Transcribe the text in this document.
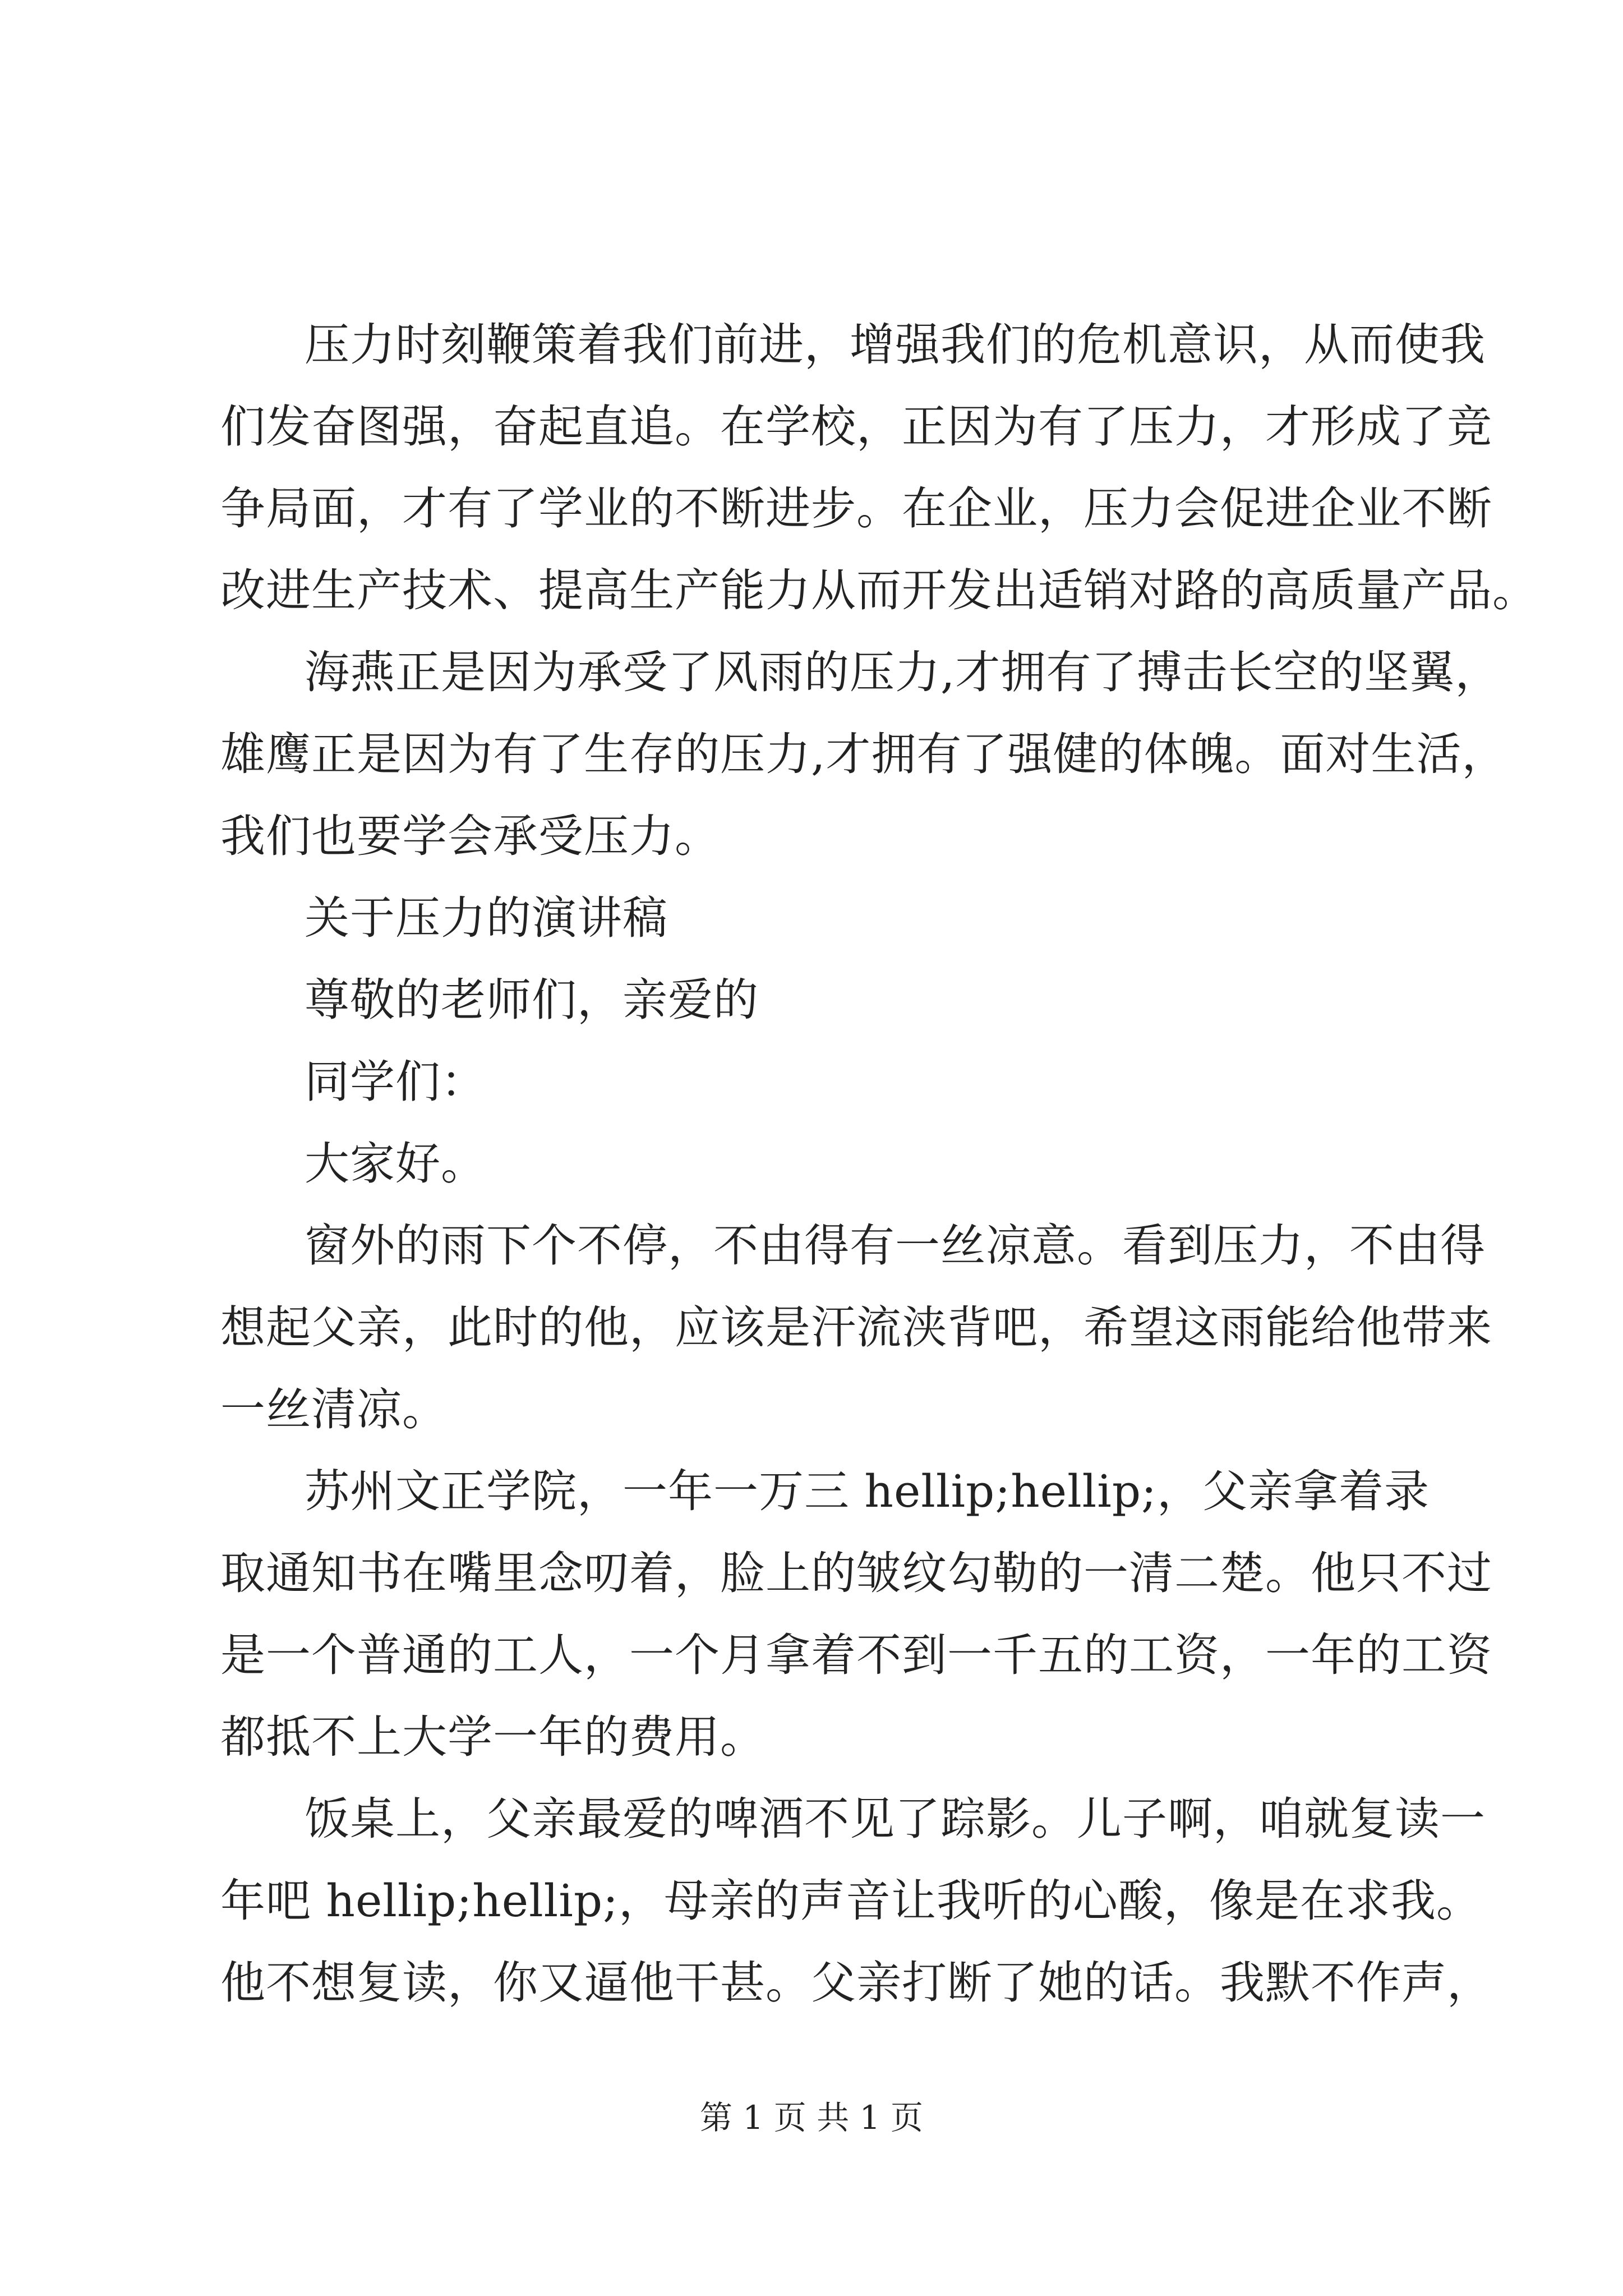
压力时刻鞭策着我们前进，增强我们的危机意识，从而使我
们发奋图强，奋起直追。在学校，正因为有了压力，才形成了竞
争局面，才有了学业的不断进步。在企业，压力会促进企业不断
改进生产技术、提高生产能力从而开发出适销对路的高质量产品。
海燕正是因为承受了风雨的压力,才拥有了搏击长空的坚翼，
雄鹰正是因为有了生存的压力,才拥有了强健的体魄。面对生活，
我们也要学会承受压力。
关于压力的演讲稿
尊敬的老师们，亲爱的
同学们：
大家好。
窗外的雨下个不停，不由得有一丝凉意。看到压力，不由得
想起父亲，此时的他，应该是汗流浃背吧，希望这雨能给他带来
一丝清凉。
苏州文正学院，一年一万三 hellip;hellip;，父亲拿着录
取通知书在嘴里念叨着，脸上的皱纹勾勒的一清二楚。他只不过
是一个普通的工人，一个月拿着不到一千五的工资，一年的工资
都抵不上大学一年的费用。
饭桌上，父亲最爱的啤酒不见了踪影。儿子啊，咱就复读一
年吧 hellip;hellip;，母亲的声音让我听的心酸，像是在求我。
他不想复读，你又逼他干甚。父亲打断了她的话。我默不作声，
第 1 页 共 1 页
